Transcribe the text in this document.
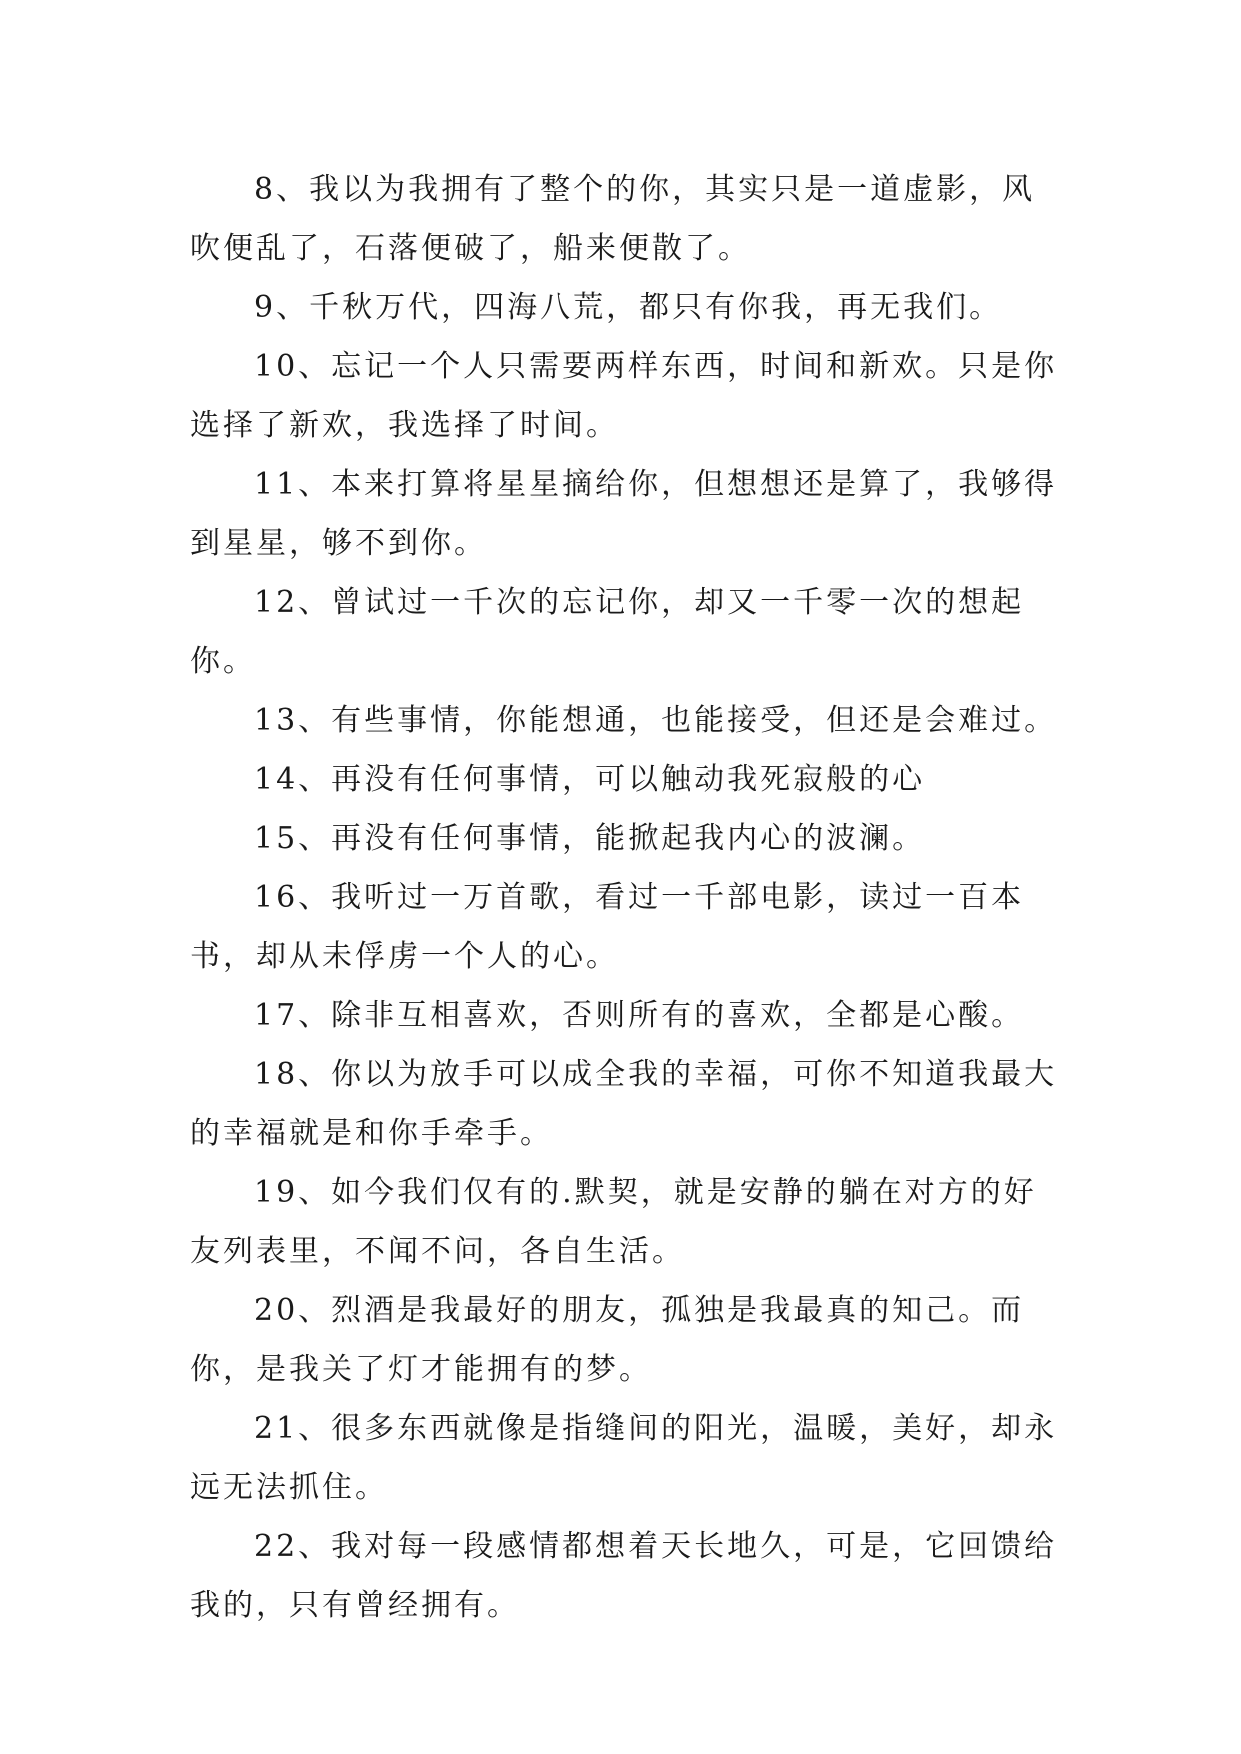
8、我以为我拥有了整个的你，其实只是一道虚影，风吹便乱了，石落便破了，船来便散了。

9、千秋万代，四海八荒，都只有你我，再无我们。

10、忘记一个人只需要两样东西，时间和新欢。只是你选择了新欢，我选择了时间。

11、本来打算将星星摘给你，但想想还是算了，我够得到星星，够不到你。

12、曾试过一千次的忘记你，却又一千零一次的想起你。

13、有些事情，你能想通，也能接受，但还是会难过。

14、再没有任何事情，可以触动我死寂般的心

15、再没有任何事情，能掀起我内心的波澜。

16、我听过一万首歌，看过一千部电影，读过一百本书，却从未俘虏一个人的心。

17、除非互相喜欢，否则所有的喜欢，全都是心酸。

18、你以为放手可以成全我的幸福，可你不知道我最大的幸福就是和你手牵手。

19、如今我们仅有的.默契，就是安静的躺在对方的好友列表里，不闻不问，各自生活。

20、烈酒是我最好的朋友，孤独是我最真的知己。而你，是我关了灯才能拥有的梦。

21、很多东西就像是指缝间的阳光，温暖，美好，却永远无法抓住。

22、我对每一段感情都想着天长地久，可是，它回馈给我的，只有曾经拥有。
